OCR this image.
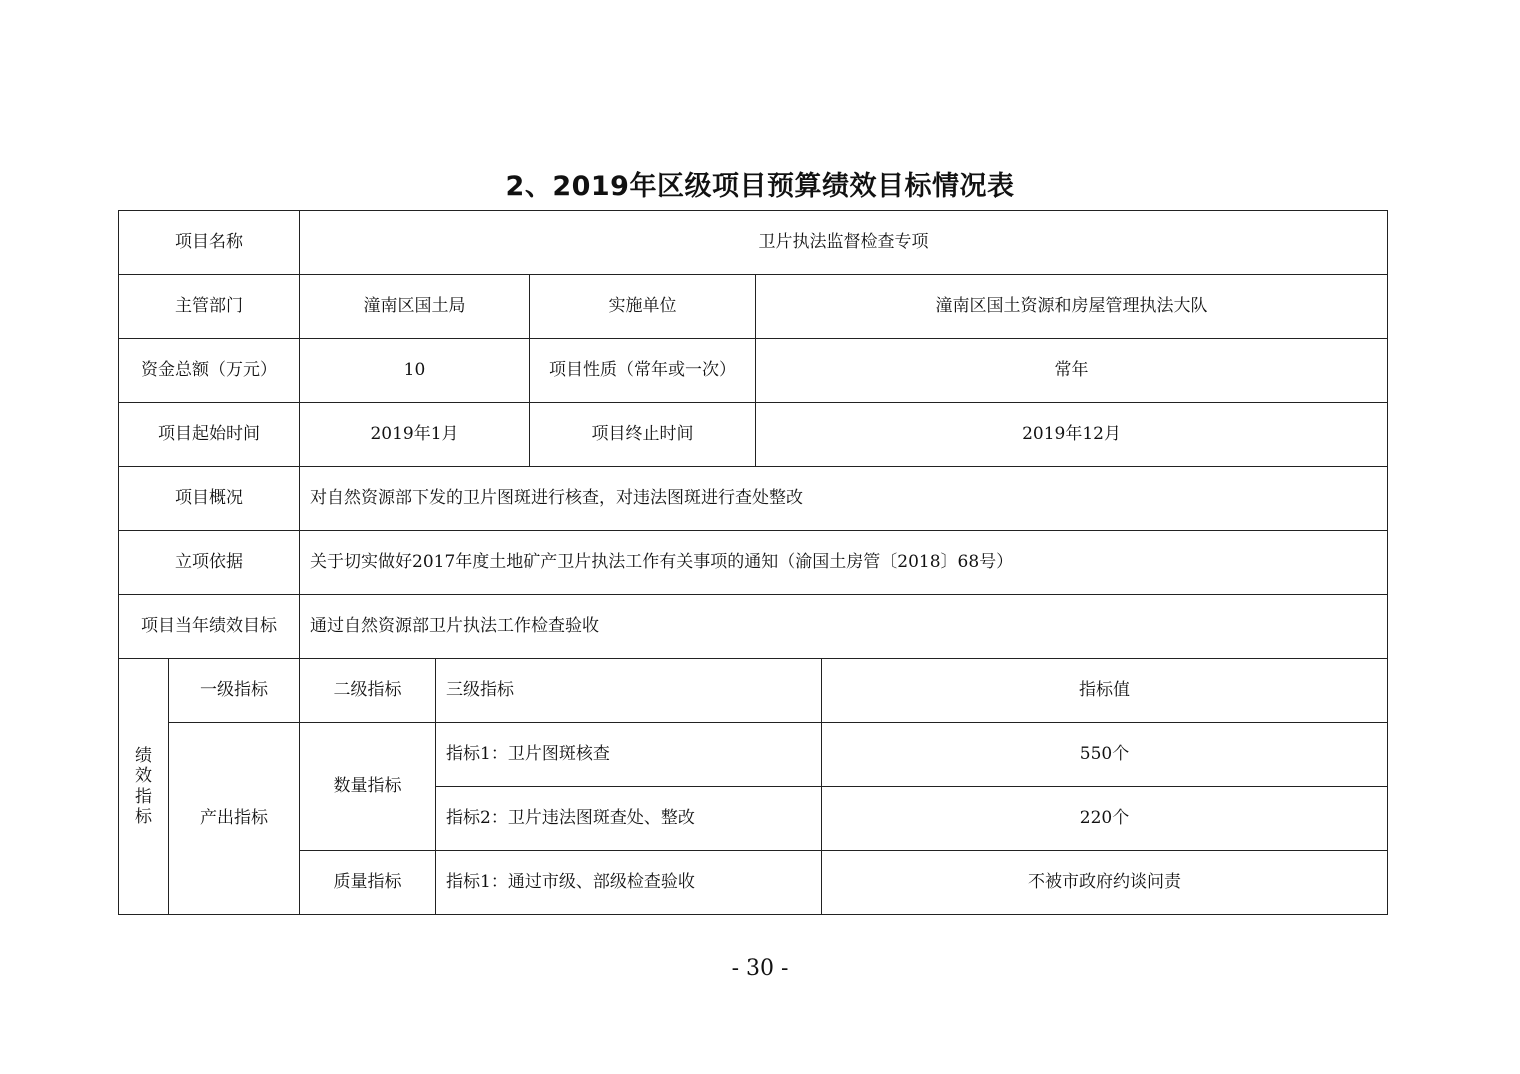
2、2019年区级项目预算绩效目标情况表
项目名称		卫片执法监督检查专项				
主管部门		潼南区国土局		实施单位	潼南区国土资源和房屋管理执法大队	
资金总额（万元）		10		项目性质（常年或一次）	常年	
项目起始时间		2019年1月		项目终止时间	2019年12月	
项目概况		对自然资源部下发的卫片图斑进行核查，对违法图斑进行查处整改				
立项依据		关于切实做好2017年度土地矿产卫片执法工作有关事项的通知（渝国土房管〔2018〕68号）				
项目当年绩效目标		通过自然资源部卫片执法工作检查验收				

绩
效
指
标	一级指标	二级指标	三级指标			指标值
	产出指标	数量指标	指标1：卫片图斑核查			550个
			指标2：卫片违法图斑查处、整改			220个
		质量指标	指标1：通过市级、部级检查验收			不被市政府约谈问责
- 30 -
